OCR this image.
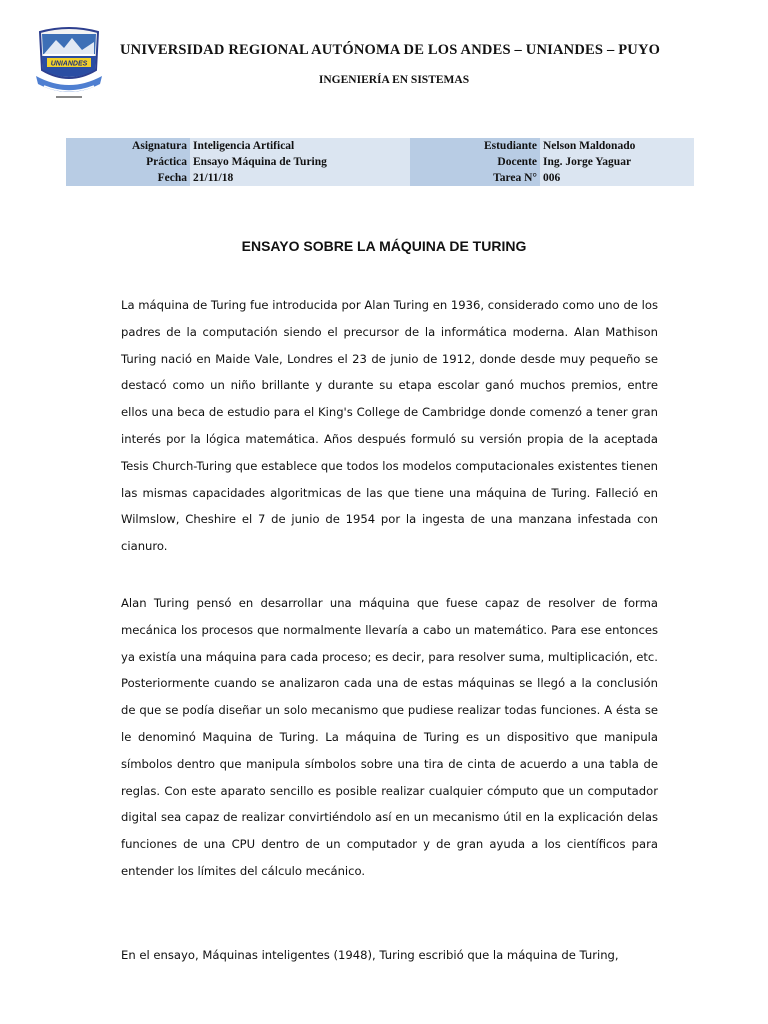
UNIANDES
UNIVERSIDAD REGIONAL AUTÓNOMA DE LOS ANDES – UNIANDES – PUYO
INGENIERÍA EN SISTEMAS
Asignatura	Inteligencia Artifical	Estudiante	Nelson Maldonado
Práctica	Ensayo Máquina de Turing	Docente	Ing. Jorge Yaguar
Fecha	21/11/18	Tarea N°	006
ENSAYO SOBRE LA MÁQUINA DE TURING

La máquina de Turing fue introducida por Alan Turing en 1936, considerado como uno de los padres de la computación siendo el precursor de la informática moderna. Alan Mathison Turing nació en Maide Vale, Londres el 23 de junio de 1912, donde desde muy pequeño se destacó como un niño brillante y durante su etapa escolar ganó muchos premios, entre ellos una beca de estudio para el King's College de Cambridge donde comenzó a tener gran interés por la lógica matemática. Años después formuló su versión propia de la aceptada Tesis Church-Turing que establece que todos los modelos computacionales existentes tienen las mismas capacidades algoritmicas de las que tiene una máquina de Turing. Falleció en Wilmslow, Cheshire el 7 de junio de 1954 por la ingesta de una manzana infestada con cianuro.

Alan Turing pensó en desarrollar una máquina que fuese capaz de resolver de forma mecánica los procesos que normalmente llevaría a cabo un matemático. Para ese entonces ya existía una máquina para cada proceso; es decir, para resolver suma, multiplicación, etc. Posteriormente cuando se analizaron cada una de estas máquinas se llegó a la conclusión de que se podía diseñar un solo mecanismo que pudiese realizar todas funciones. A ésta se le denominó Maquina de Turing. La máquina de Turing es un dispositivo que manipula símbolos dentro que manipula símbolos sobre una tira de cinta de acuerdo a una tabla de reglas. Con este aparato sencillo es posible realizar cualquier cómputo que un computador digital sea capaz de realizar convirtiéndolo así en un mecanismo útil en la explicación delas funciones de una CPU dentro de un computador y de gran ayuda a los científicos para entender los límites del cálculo mecánico.

En el ensayo, Máquinas inteligentes (1948), Turing escribió que la máquina de Turing,
